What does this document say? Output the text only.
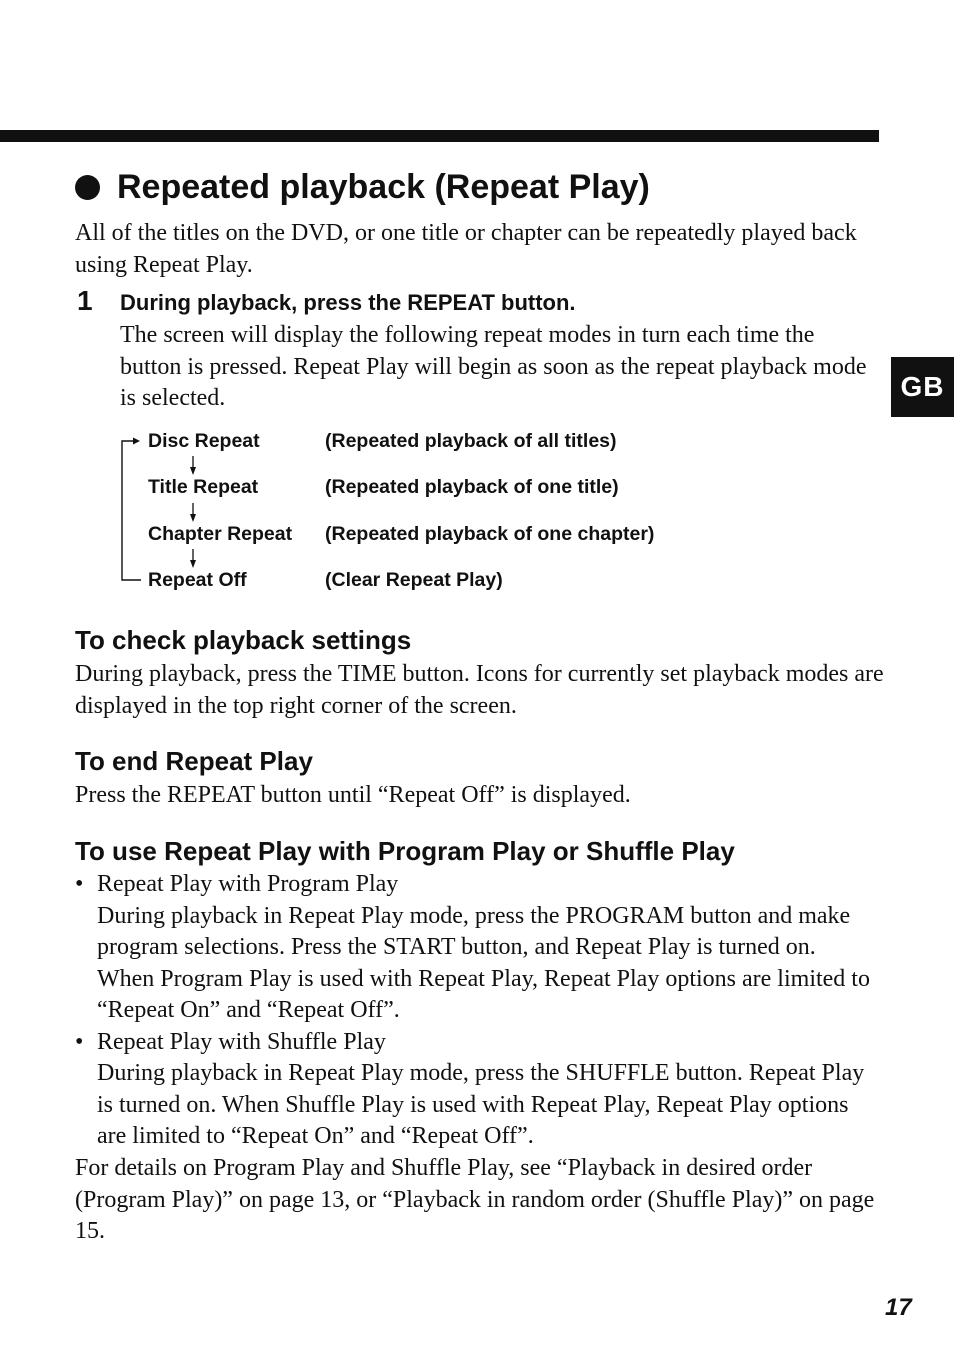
GB
Repeated playback (Repeat Play)

All of the titles on the DVD, or one title or chapter can be repeatedly played back using Repeat Play.

1 During playback, press the REPEAT button.

The screen will display the following repeat modes in turn each time the button is pressed. Repeat Play will begin as soon as the repeat playback mode is selected.

Disc Repeat	(Repeated playback of all titles)
Title Repeat	(Repeated playback of one title)
Chapter Repeat (Repeated playback of one chapter)
Repeat Off	(Clear Repeat Play)
To check playback settings

During playback, press the TIME button. Icons for currently set playback modes are displayed in the top right corner of the screen.

To end Repeat Play

Press the REPEAT button until “Repeat Off” is displayed.

To use Repeat Play with Program Play or Shuffle Play
• Repeat Play with Program Play

During playback in Repeat Play mode, press the PROGRAM button and make program selections. Press the START button, and Repeat Play is turned on. When Program Play is used with Repeat Play, Repeat Play options are limited to “Repeat On” and “Repeat Off”.

• Repeat Play with Shuffle Play

During playback in Repeat Play mode, press the SHUFFLE button. Repeat Play is turned on. When Shuffle Play is used with Repeat Play, Repeat Play options are limited to “Repeat On” and “Repeat Off”.

For details on Program Play and Shuffle Play, see “Playback in desired order (Program Play)” on page 13, or “Playback in random order (Shuffle Play)” on page 15.

17
